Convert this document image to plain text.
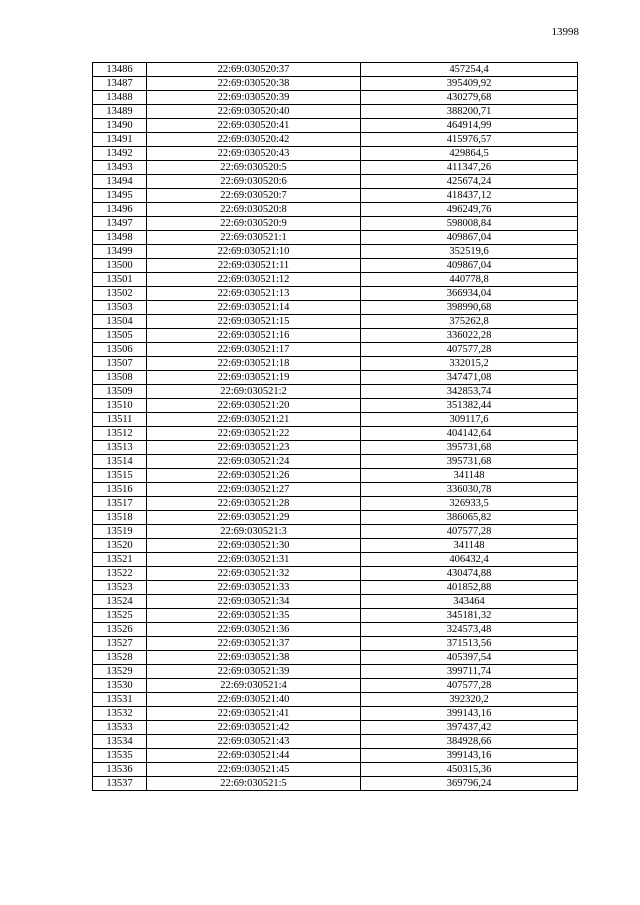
13998
13486	22:69:030520:37	457254,4
13487	22:69:030520:38	395409,92
13488	22:69:030520:39	430279,68
13489	22:69:030520:40	388200,71
13490	22:69:030520:41	464914,99
13491	22:69:030520:42	415976,57
13492	22:69:030520:43	429864,5
13493	22:69:030520:5	411347,26
13494	22:69:030520:6	425674,24
13495	22:69:030520:7	418437,12
13496	22:69:030520:8	496249,76
13497	22:69:030520:9	598008,84
13498	22:69:030521:1	409867,04
13499	22:69:030521:10	352519,6
13500	22:69:030521:11	409867,04
13501	22:69:030521:12	440778,8
13502	22:69:030521:13	366934,04
13503	22:69:030521:14	398990,68
13504	22:69:030521:15	375262,8
13505	22:69:030521:16	336022,28
13506	22:69:030521:17	407577,28
13507	22:69:030521:18	332015,2
13508	22:69:030521:19	347471,08
13509	22:69:030521:2	342853,74
13510	22:69:030521:20	351382,44
13511	22:69:030521:21	309117,6
13512	22:69:030521:22	404142,64
13513	22:69:030521:23	395731,68
13514	22:69:030521:24	395731,68
13515	22:69:030521:26	341148
13516	22:69:030521:27	336030,78
13517	22:69:030521:28	326933,5
13518	22:69:030521:29	386065,82
13519	22:69:030521:3	407577,28
13520	22:69:030521:30	341148
13521	22:69:030521:31	406432,4
13522	22:69:030521:32	430474,88
13523	22:69:030521:33	401852,88
13524	22:69:030521:34	343464
13525	22:69:030521:35	345181,32
13526	22:69:030521:36	324573,48
13527	22:69:030521:37	371513,56
13528	22:69:030521:38	405397,54
13529	22:69:030521:39	399711,74
13530	22:69:030521:4	407577,28
13531	22:69:030521:40	392320,2
13532	22:69:030521:41	399143,16
13533	22:69:030521:42	397437,42
13534	22:69:030521:43	384928,66
13535	22:69:030521:44	399143,16
13536	22:69:030521:45	450315,36
13537	22:69:030521:5	369796,24
